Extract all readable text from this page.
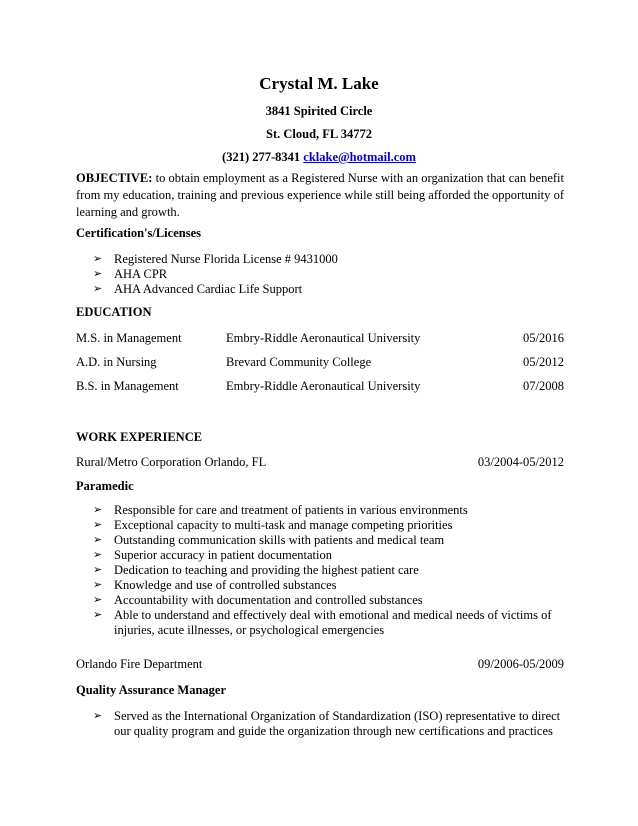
Crystal M. Lake
3841 Spirited Circle
St. Cloud, FL 34772
(321) 277-8341 cklake@hotmail.com
OBJECTIVE: to obtain employment as a Registered Nurse with an organization that can benefit from my education, training and previous experience while still being afforded the opportunity of learning and growth.
Certification's/Licenses
➢ Registered Nurse Florida License # 9431000
➢ AHA CPR
➢ AHA Advanced Cardiac Life Support
EDUCATION
M.S. in Management	Embry-Riddle Aeronautical University	05/2016
A.D. in Nursing	Brevard Community College	05/2012
B.S. in Management	Embry-Riddle Aeronautical University	07/2008
WORK EXPERIENCE
Rural/Metro Corporation Orlando, FL	03/2004-05/2012
Paramedic
➢ Responsible for care and treatment of patients in various environments
➢ Exceptional capacity to multi-task and manage competing priorities
➢ Outstanding communication skills with patients and medical team
➢ Superior accuracy in patient documentation
➢ Dedication to teaching and providing the highest patient care
➢ Knowledge and use of controlled substances
➢ Accountability with documentation and controlled substances
➢ Able to understand and effectively deal with emotional and medical needs of victims of injuries, acute illnesses, or psychological emergencies
Orlando Fire Department	09/2006-05/2009
Quality Assurance Manager
➢ Served as the International Organization of Standardization (ISO) representative to direct our quality program and guide the organization through new certifications and practices
